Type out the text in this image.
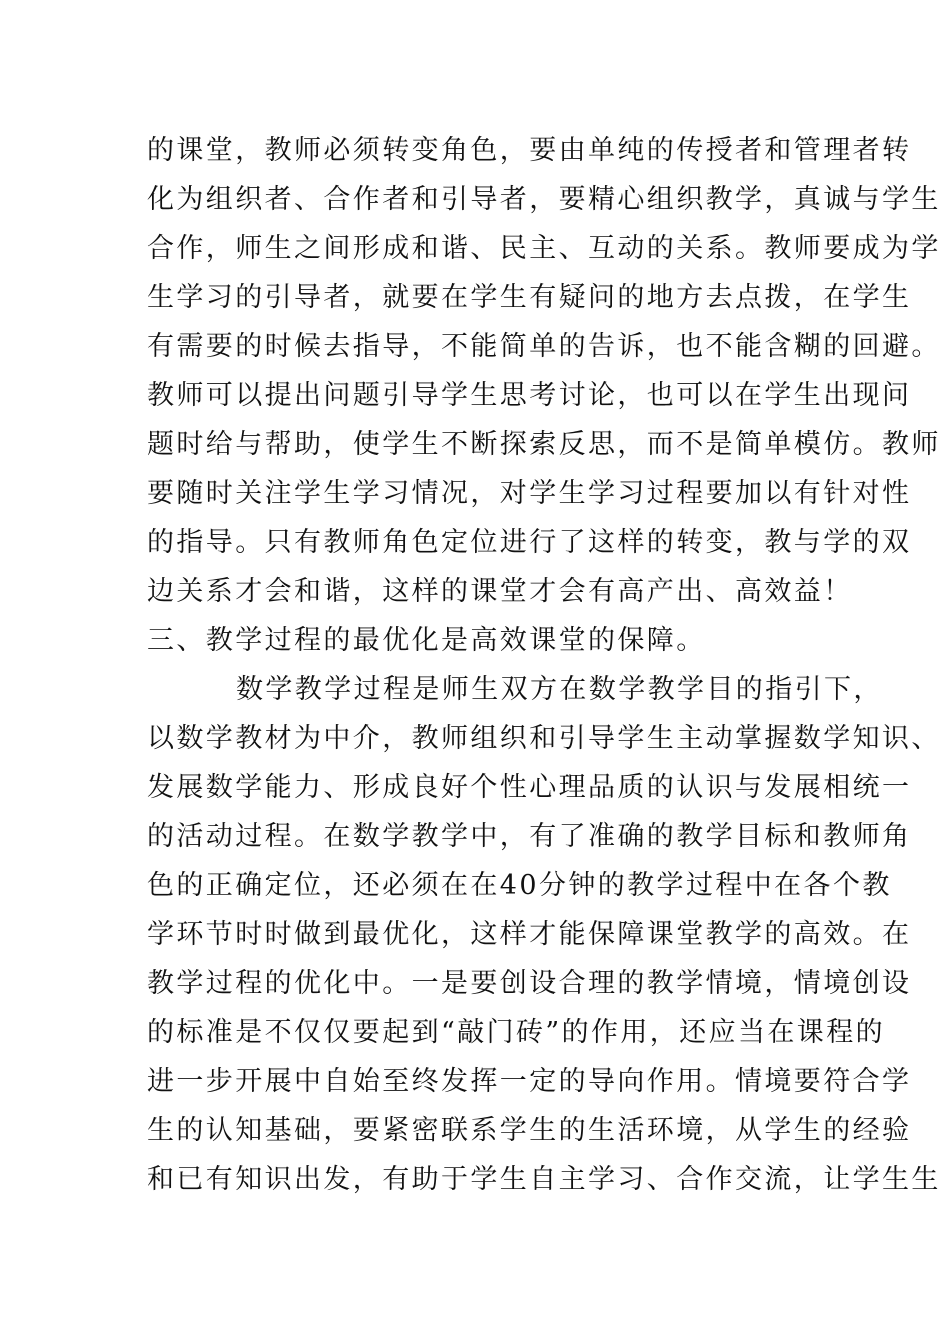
的课堂，教师必须转变角色，要由单纯的传授者和管理者转
化为组织者、合作者和引导者，要精心组织教学，真诚与学生
合作，师生之间形成和谐、民主、互动的关系。教师要成为学
生学习的引导者，就要在学生有疑问的地方去点拨，在学生
有需要的时候去指导，不能简单的告诉，也不能含糊的回避。
教师可以提出问题引导学生思考讨论，也可以在学生出现问
题时给与帮助，使学生不断探索反思，而不是简单模仿。教师
要随时关注学生学习情况，对学生学习过程要加以有针对性
的指导。只有教师角色定位进行了这样的转变，教与学的双
边关系才会和谐，这样的课堂才会有高产出、高效益！
三、教学过程的最优化是高效课堂的保障。
数学教学过程是师生双方在数学教学目的指引下，
以数学教材为中介，教师组织和引导学生主动掌握数学知识、
发展数学能力、形成良好个性心理品质的认识与发展相统一
的活动过程。在数学教学中，有了准确的教学目标和教师角
色的正确定位，还必须在在40分钟的教学过程中在各个教
学环节时时做到最优化，这样才能保障课堂教学的高效。在
教学过程的优化中。一是要创设合理的教学情境，情境创设
的标准是不仅仅要起到“敲门砖”的作用，还应当在课程的
进一步开展中自始至终发挥一定的导向作用。情境要符合学
生的认知基础，要紧密联系学生的生活环境，从学生的经验
和已有知识出发，有助于学生自主学习、合作交流，让学生生
